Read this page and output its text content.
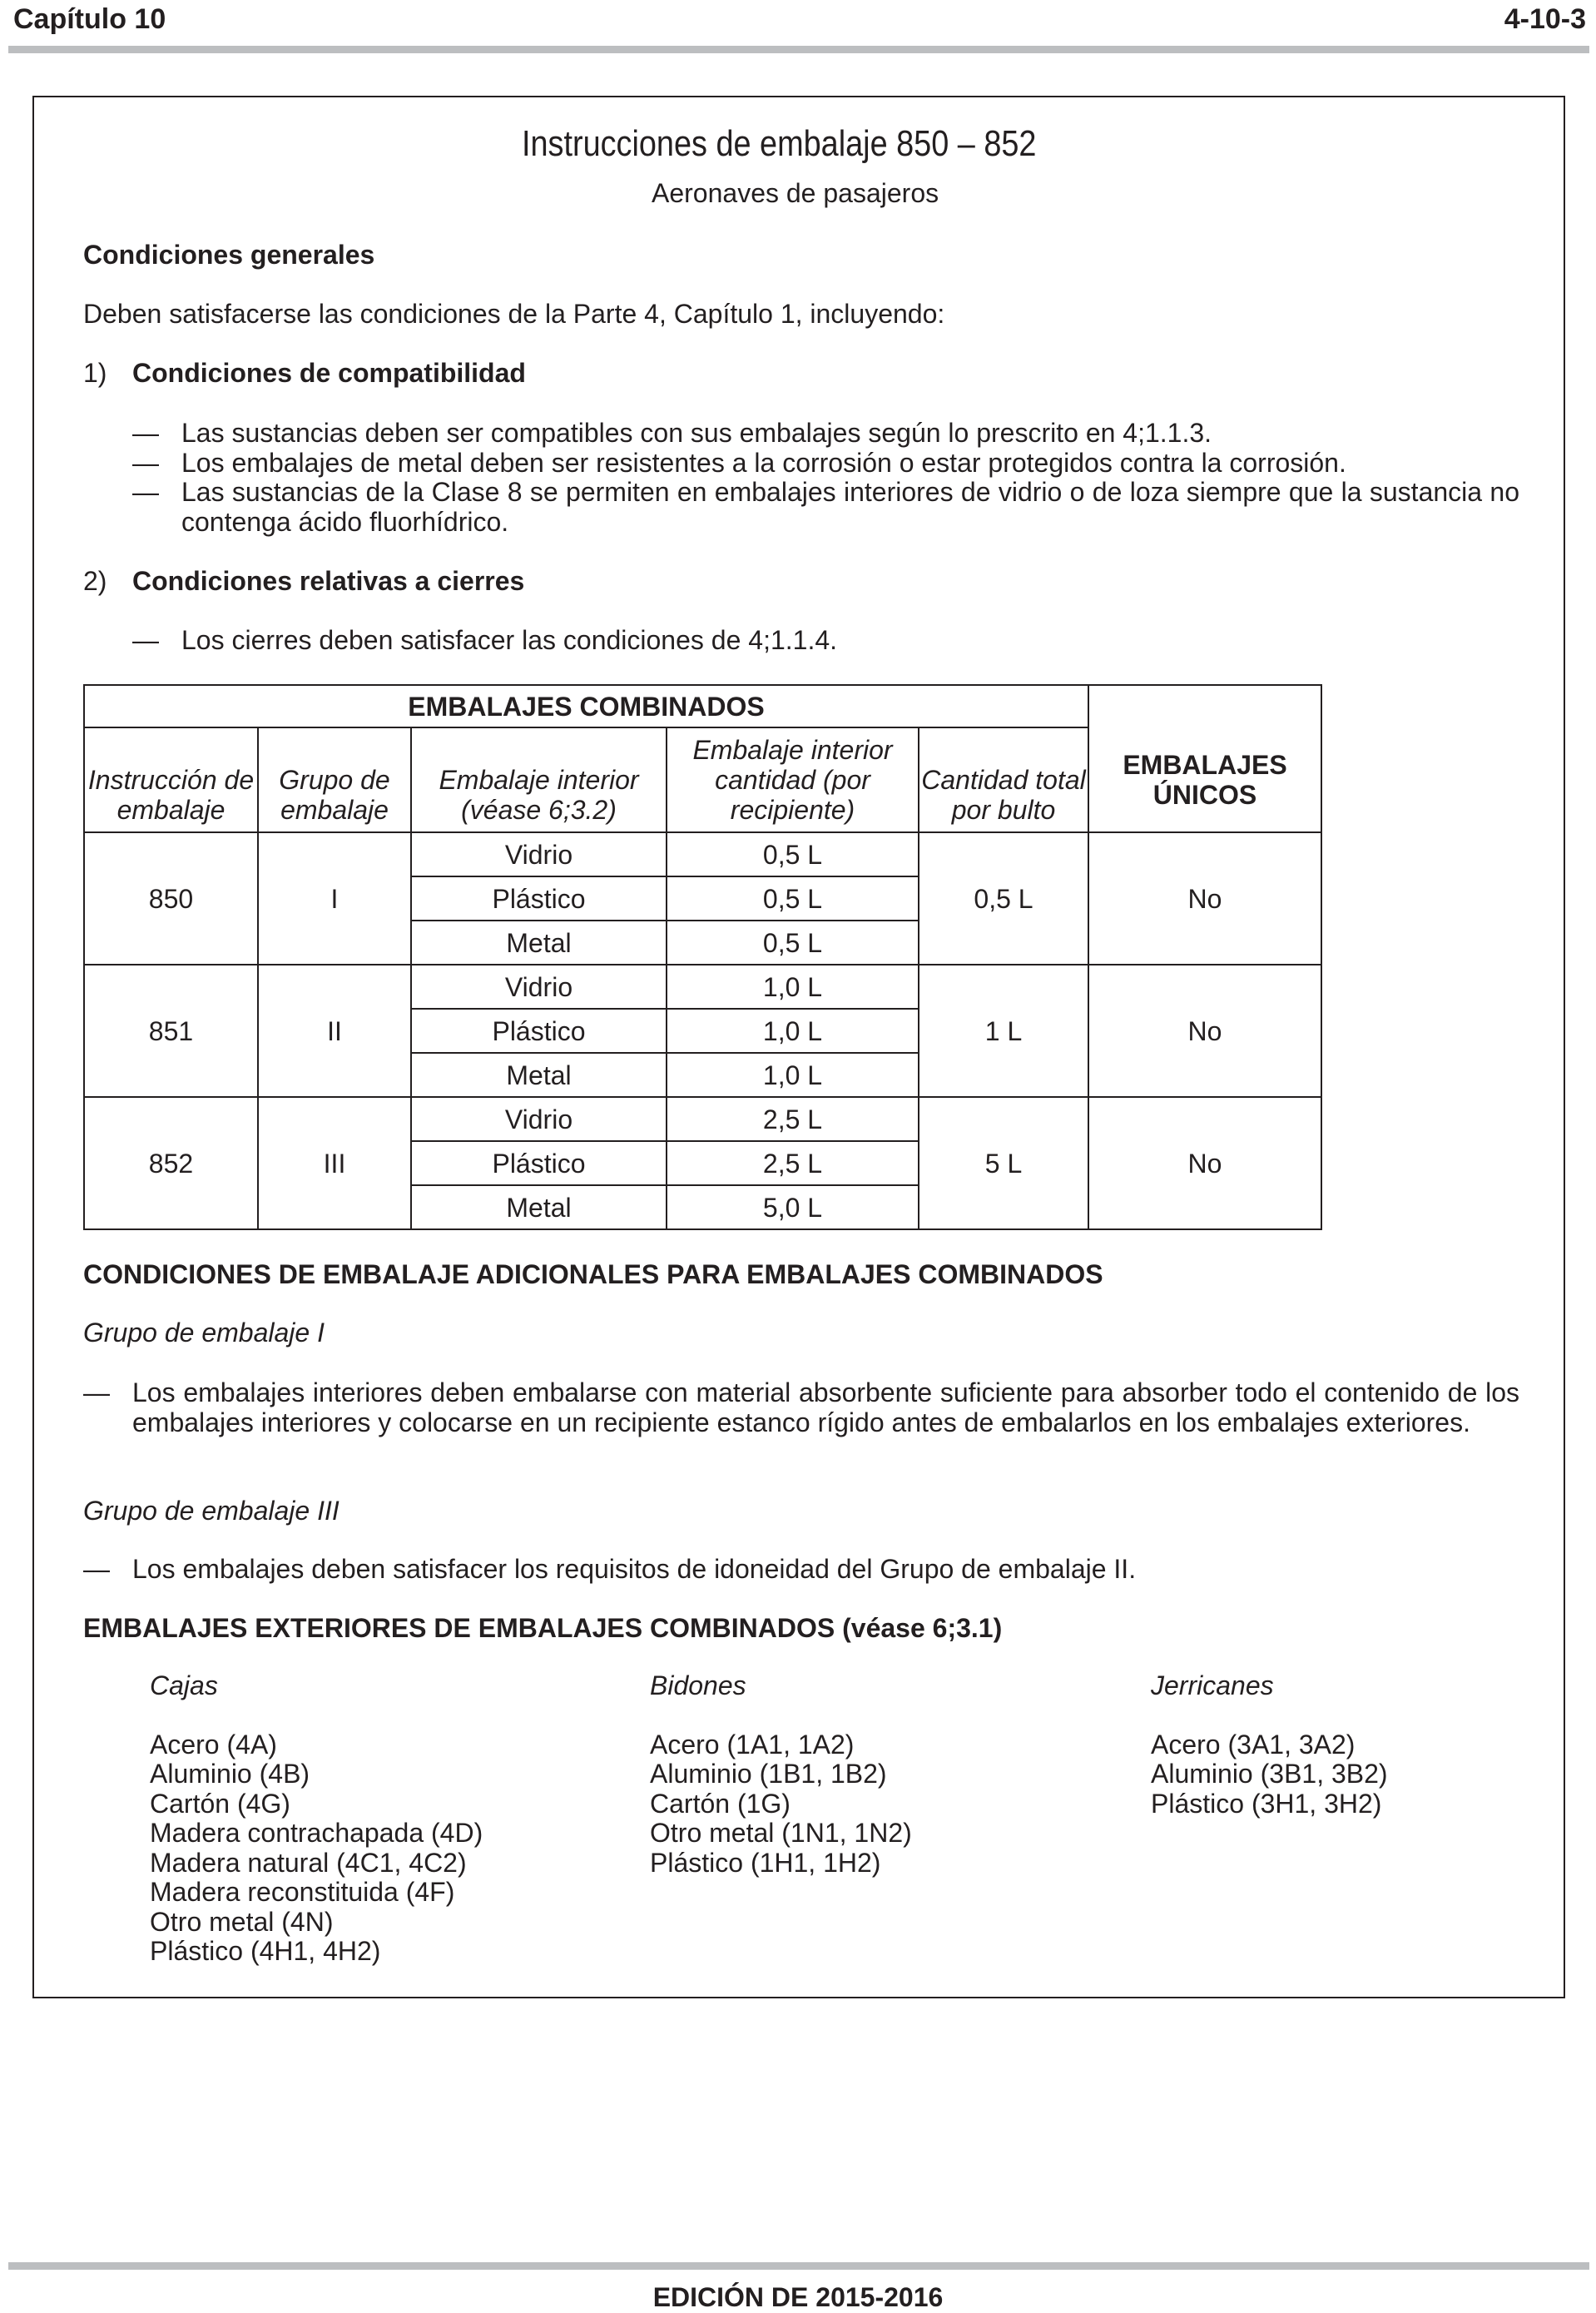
Capítulo 10	4-10-3
Instrucciones de embalaje 850 – 852
Aeronaves de pasajeros
Condiciones generales
Deben satisfacerse las condiciones de la Parte 4, Capítulo 1, incluyendo:
1) Condiciones de compatibilidad
— Las sustancias deben ser compatibles con sus embalajes según lo prescrito en 4;1.1.3.
— Los embalajes de metal deben ser resistentes a la corrosión o estar protegidos contra la corrosión.
— Las sustancias de la Clase 8 se permiten en embalajes interiores de vidrio o de loza siempre que la sustancia no contenga ácido fluorhídrico.
2) Condiciones relativas a cierres
— Los cierres deben satisfacer las condiciones de 4;1.1.4.
EMBALAJES COMBINADOS					EMBALAJES ÚNICOS
Instrucción de embalaje	Grupo de embalaje	Embalaje interior (véase 6;3.2)	Embalaje interior cantidad (por recipiente)	Cantidad total por bulto	
850	I	Vidrio	0,5 L	0,5 L	No
		Plástico	0,5 L		
		Metal	0,5 L		
851	II	Vidrio	1,0 L	1 L	No
		Plástico	1,0 L		
		Metal	1,0 L		
852	III	Vidrio	2,5 L	5 L	No
		Plástico	2,5 L		
		Metal	5,0 L		
CONDICIONES DE EMBALAJE ADICIONALES PARA EMBALAJES COMBINADOS
Grupo de embalaje I
— Los embalajes interiores deben embalarse con material absorbente suficiente para absorber todo el contenido de los embalajes interiores y colocarse en un recipiente estanco rígido antes de embalarlos en los embalajes exteriores.
Grupo de embalaje III
— Los embalajes deben satisfacer los requisitos de idoneidad del Grupo de embalaje II.
EMBALAJES EXTERIORES DE EMBALAJES COMBINADOS (véase 6;3.1)
Cajas
Acero (4A)
Aluminio (4B)
Cartón (4G)
Madera contrachapada (4D)
Madera natural (4C1, 4C2)
Madera reconstituida (4F)
Otro metal (4N)
Plástico (4H1, 4H2)
Bidones
Acero (1A1, 1A2)
Aluminio (1B1, 1B2)
Cartón (1G)
Otro metal (1N1, 1N2)
Plástico (1H1, 1H2)
Jerricanes
Acero (3A1, 3A2)
Aluminio (3B1, 3B2)
Plástico (3H1, 3H2)
EDICIÓN DE 2015-2016
